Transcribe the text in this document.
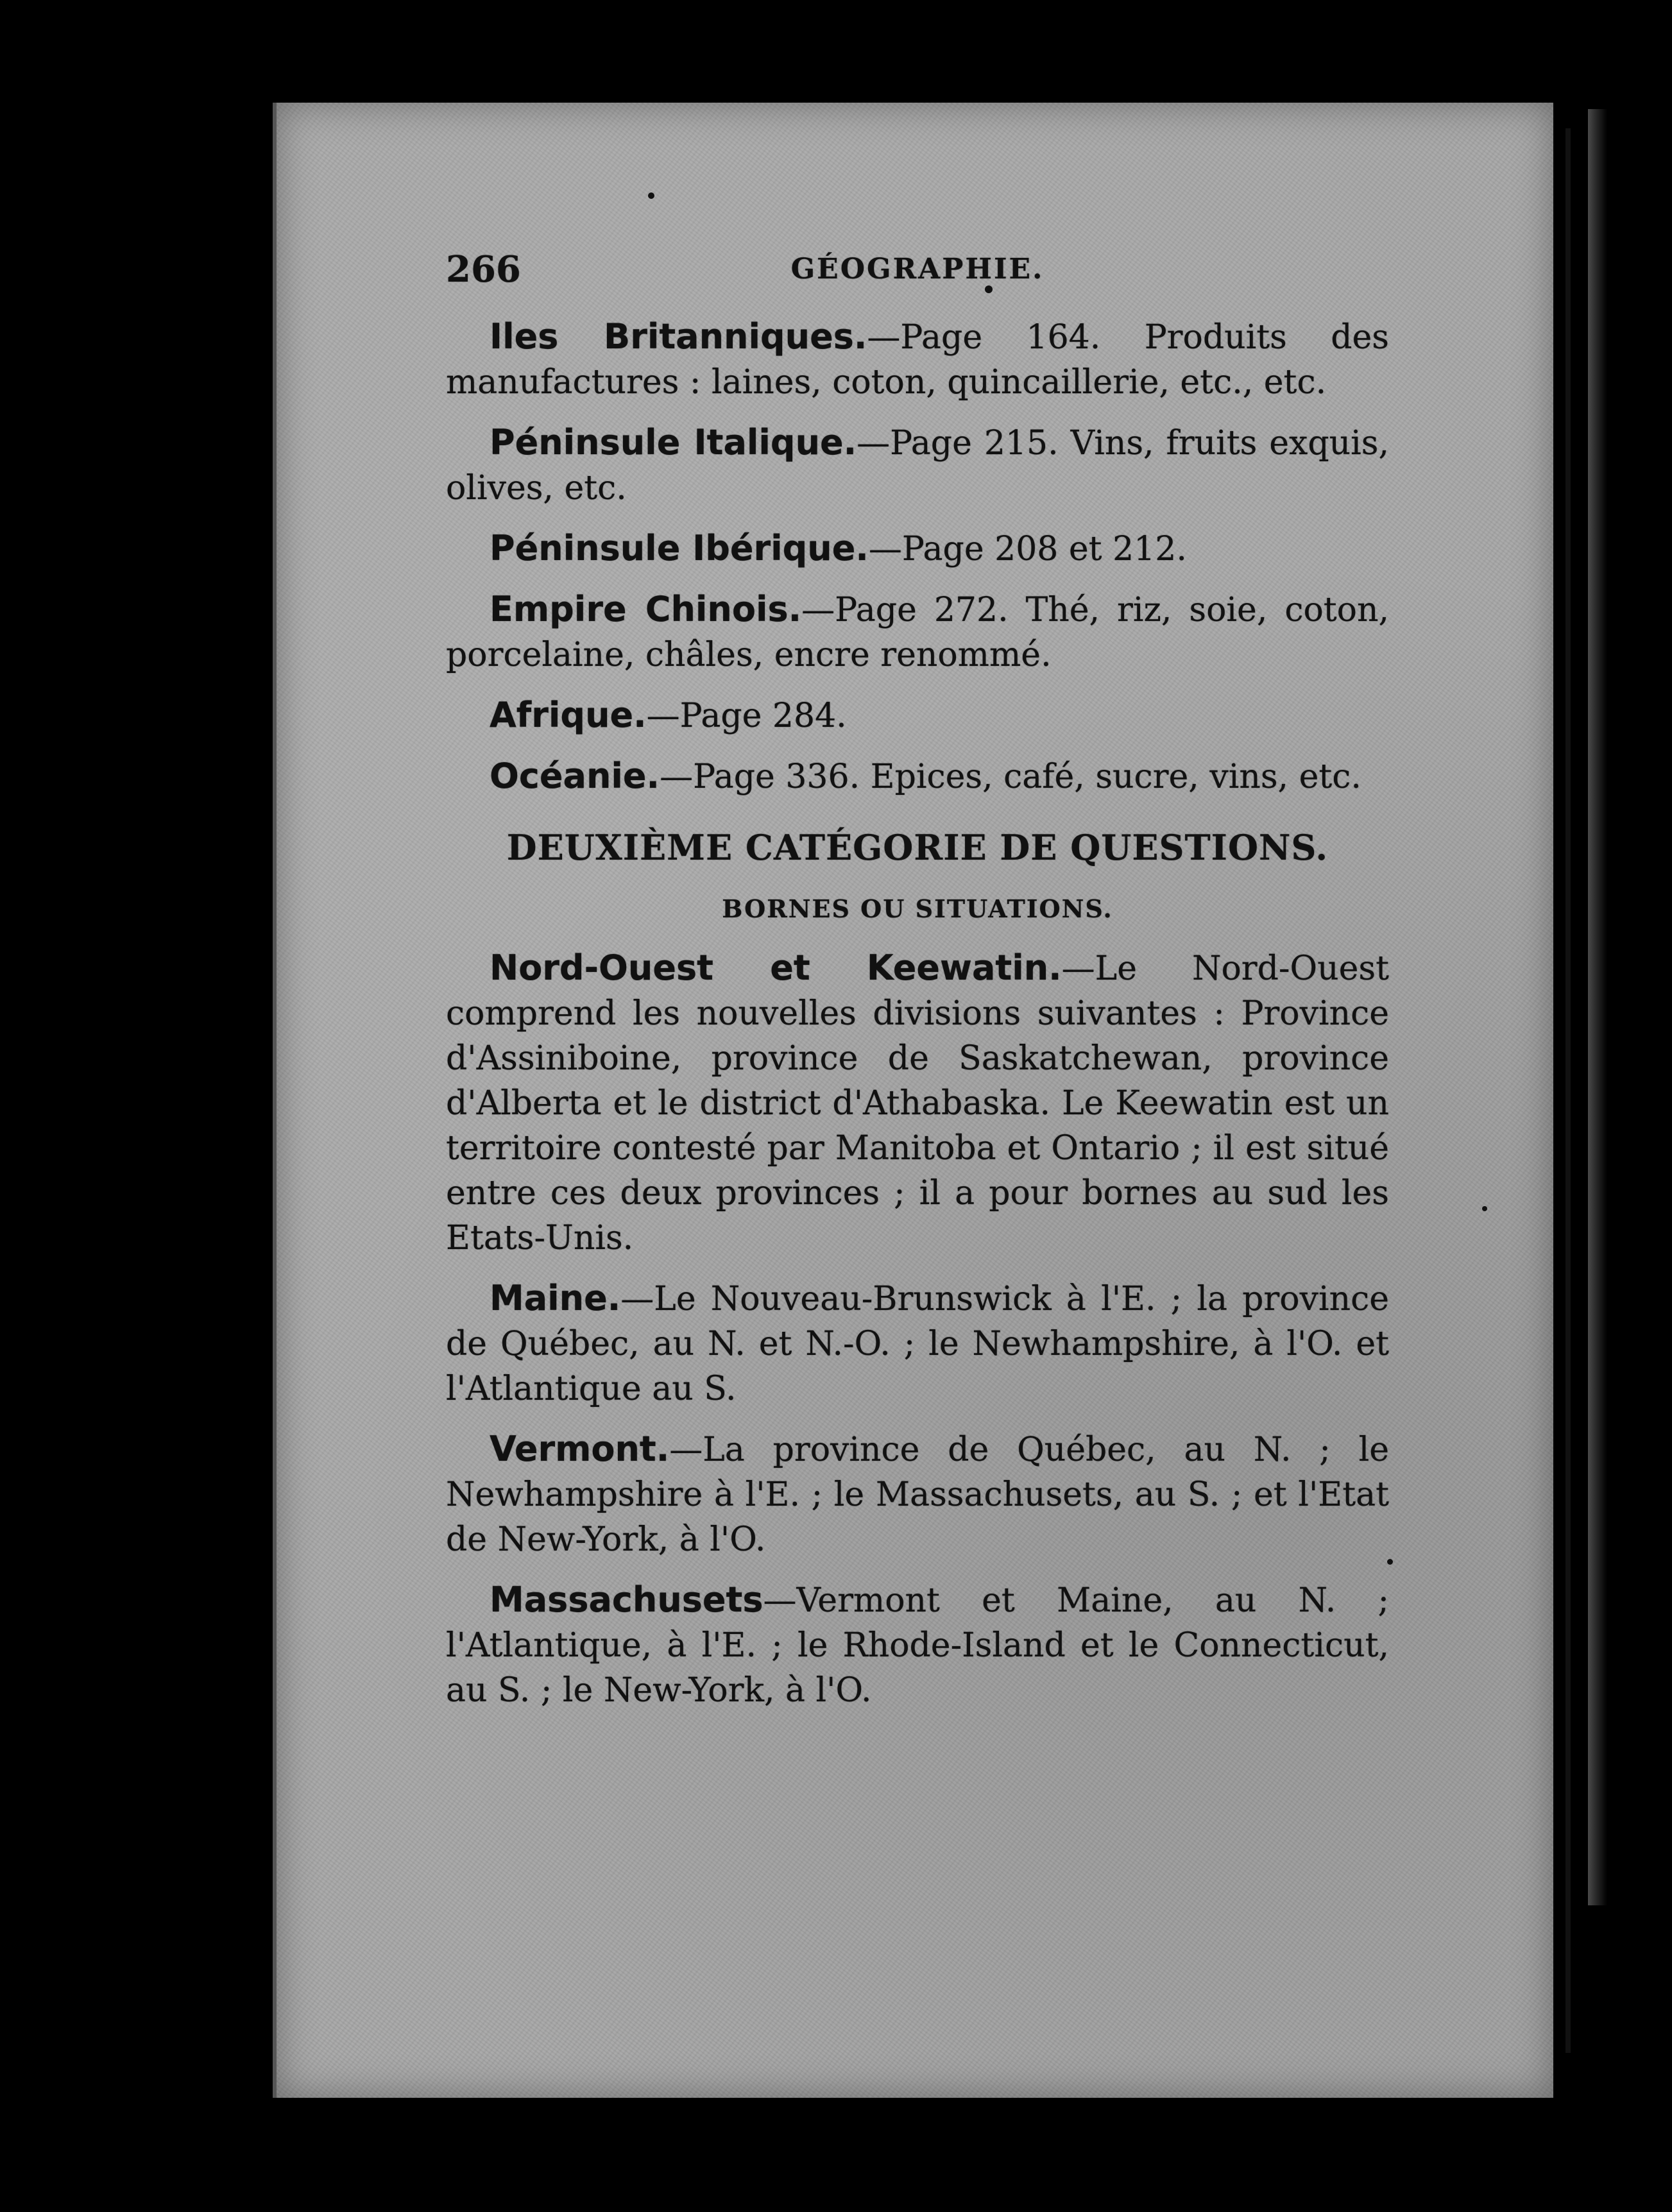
266	GÉOGRAPHIE.

Iles Britanniques.—Page 164. Produits des manufactures : laines, coton, quincaillerie, etc., etc.

Péninsule Italique.—Page 215. Vins, fruits exquis, olives, etc.

Péninsule Ibérique.—Page 208 et 212.

Empire Chinois.—Page 272. Thé, riz, soie, coton, porcelaine, châles, encre renommé.

Afrique.—Page 284.

Océanie.—Page 336. Epices, café, sucre, vins, etc.

DEUXIÈME CATÉGORIE DE QUESTIONS.
BORNES OU SITUATIONS.

Nord-Ouest et Keewatin.—Le Nord-Ouest comprend les nouvelles divisions suivantes : Province d'Assiniboine, province de Saskatchewan, province d'Alberta et le district d'Athabaska. Le Keewatin est un territoire contesté par Manitoba et Ontario ; il est situé entre ces deux provinces ; il a pour bornes au sud les Etats-Unis.

Maine.—Le Nouveau-Brunswick à l'E. ; la province de Québec, au N. et N.-O. ; le Newhampshire, à l'O. et l'Atlantique au S.

Vermont.—La province de Québec, au N. ; le Newhampshire à l'E. ; le Massachusets, au S. ; et l'Etat de New-York, à l'O.

Massachusets—Vermont et Maine, au N. ; l'Atlantique, à l'E. ; le Rhode-Island et le Connecticut, au S. ; le New-York, à l'O.
